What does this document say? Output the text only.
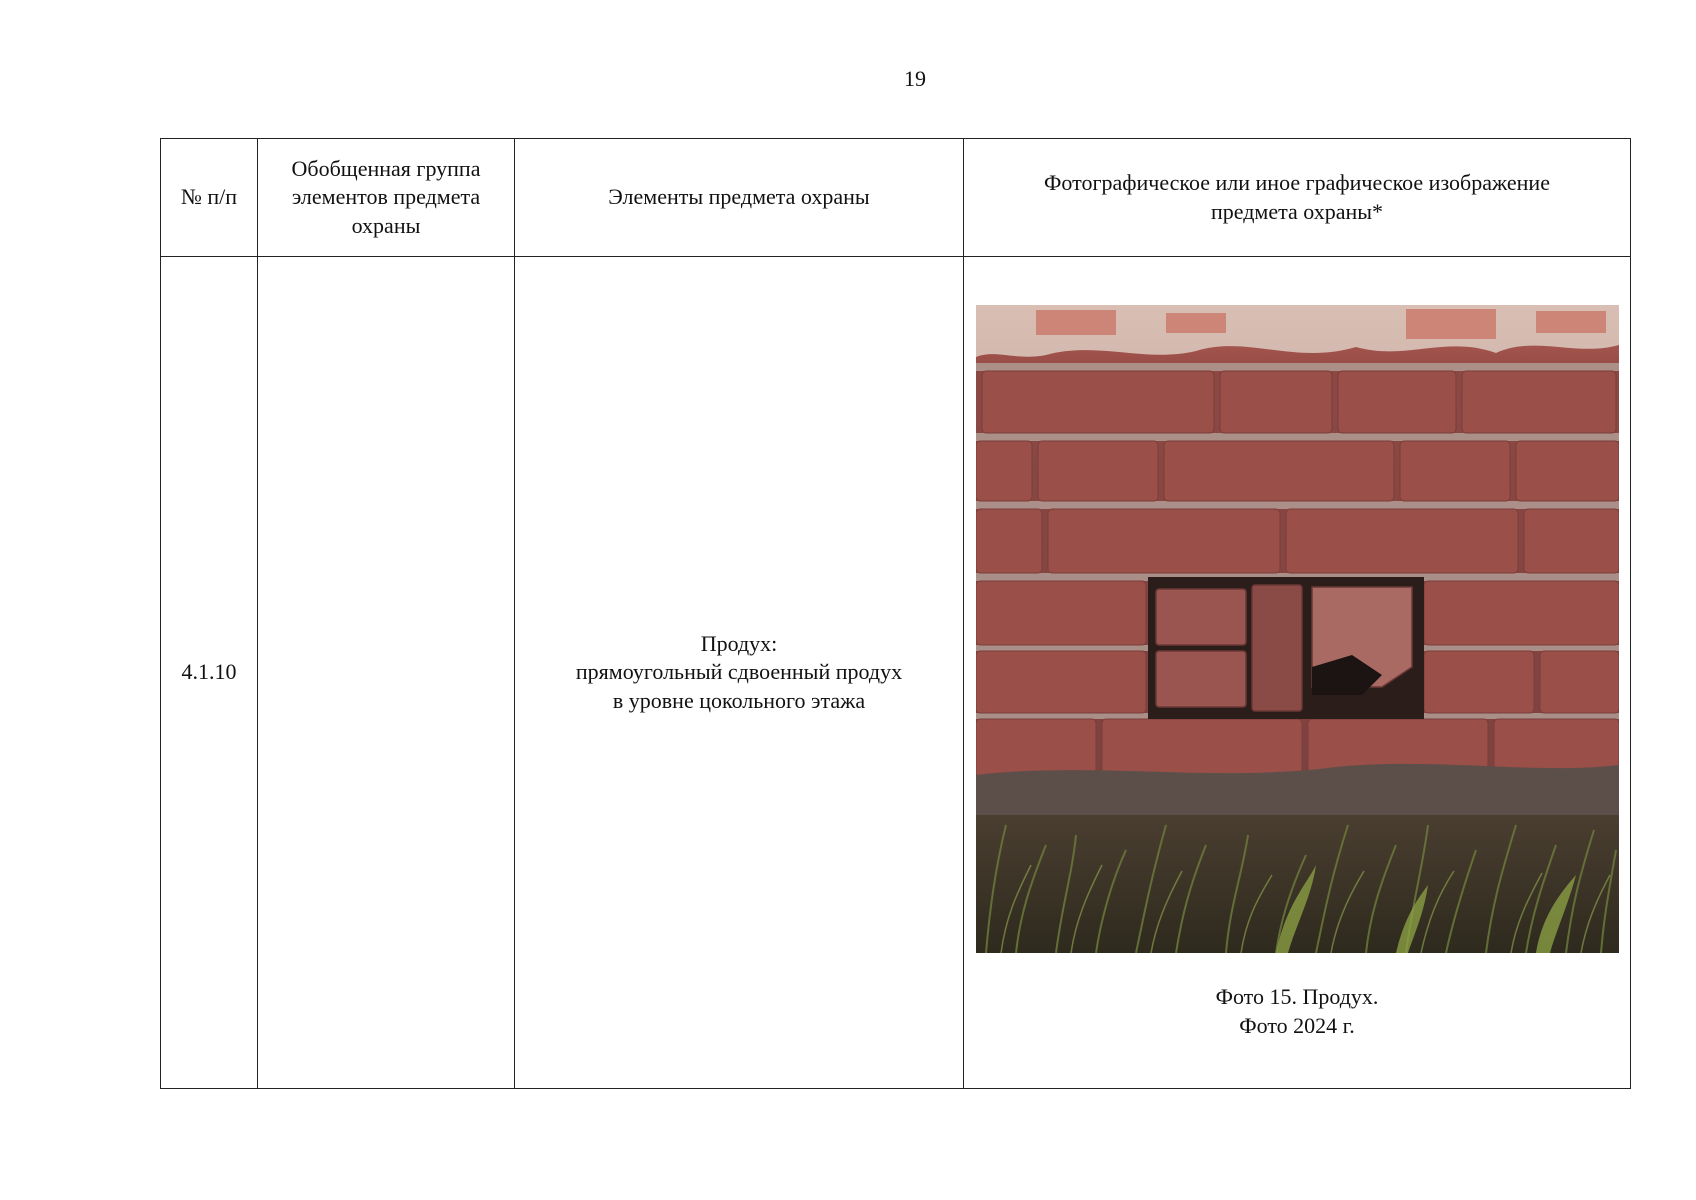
19
№ п/п	Обобщенная группа элементов предмета охраны	Элементы предмета охраны	Фотографическое или иное графическое изображение предмета охраны*
4.1.10		Продух:
прямоугольный сдвоенный продух
в уровне цокольного этажа	Фото 15. Продух.
Фото 2024 г.
